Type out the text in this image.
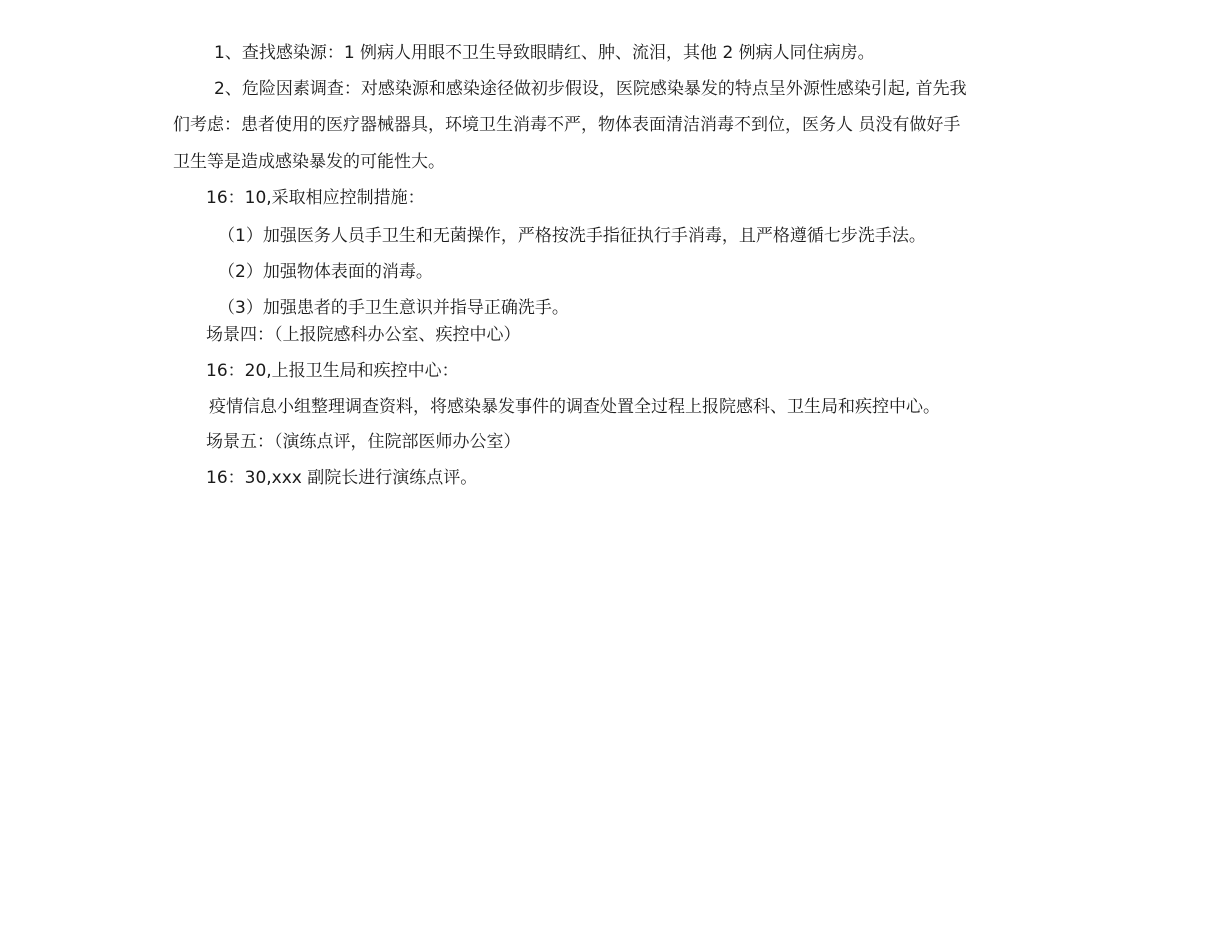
1、查找感染源：1 例病人用眼不卫生导致眼睛红、肿、流泪，其他 2 例病人同住病房。
2、危险因素调查：对感染源和感染途径做初步假设，医院感染暴发的特点呈外源性感染引起, 首先我
们考虑：患者使用的医疗器械器具，环境卫生消毒不严，物体表面清洁消毒不到位，医务人 员没有做好手
卫生等是造成感染暴发的可能性大。
16：10,采取相应控制措施：
（1）加强医务人员手卫生和无菌操作，严格按洗手指征执行手消毒，且严格遵循七步洗手法。
（2）加强物体表面的消毒。
（3）加强患者的手卫生意识并指导正确洗手。
场景四：（上报院感科办公室、疾控中心）
16：20,上报卫生局和疾控中心：
疫情信息小组整理调查资料，将感染暴发事件的调查处置全过程上报院感科、卫生局和疾控中心。
场景五：（演练点评，住院部医师办公室）
16：30,xxx 副院长进行演练点评。
